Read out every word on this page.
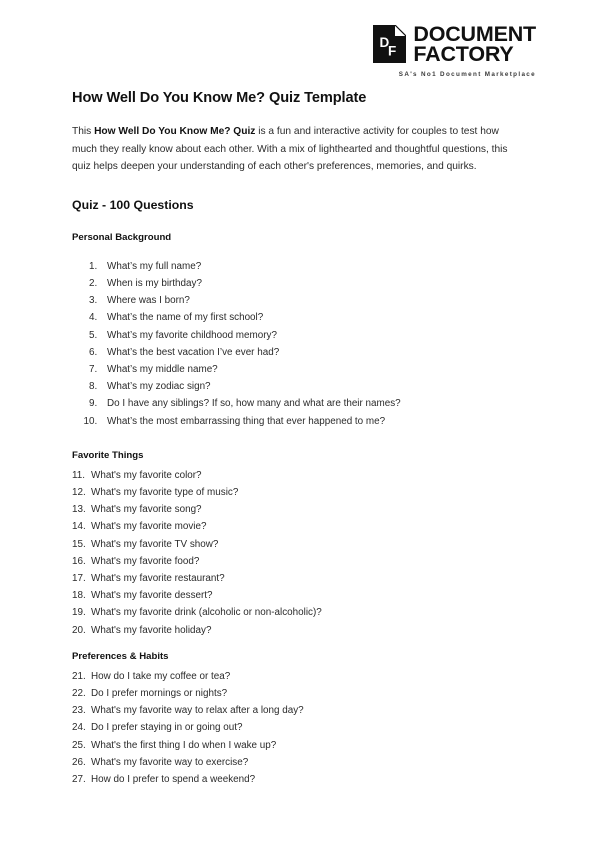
D
F
DOCUMENT
FACTORY
SA's No1 Document Marketplace
How Well Do You Know Me? Quiz Template

This How Well Do You Know Me? Quiz is a fun and interactive activity for couples to test how much they really know about each other. With a mix of lighthearted and thoughtful questions, this quiz helps deepen your understanding of each other's preferences, memories, and quirks.

Quiz - 100 Questions
Personal Background
1. What’s my full name?
2. When is my birthday?
3. Where was I born?
4. What’s the name of my first school?
5. What’s my favorite childhood memory?
6. What’s the best vacation I’ve ever had?
7. What’s my middle name?
8. What’s my zodiac sign?
9. Do I have any siblings? If so, how many and what are their names?
10. What’s the most embarrassing thing that ever happened to me?
Favorite Things
11. What's my favorite color?
12. What's my favorite type of music?
13. What's my favorite song?
14. What's my favorite movie?
15. What's my favorite TV show?
16. What's my favorite food?
17. What's my favorite restaurant?
18. What's my favorite dessert?
19. What's my favorite drink (alcoholic or non-alcoholic)?
20. What's my favorite holiday?
Preferences & Habits
21. How do I take my coffee or tea?
22. Do I prefer mornings or nights?
23. What's my favorite way to relax after a long day?
24. Do I prefer staying in or going out?
25. What's the first thing I do when I wake up?
26. What's my favorite way to exercise?
27. How do I prefer to spend a weekend?
